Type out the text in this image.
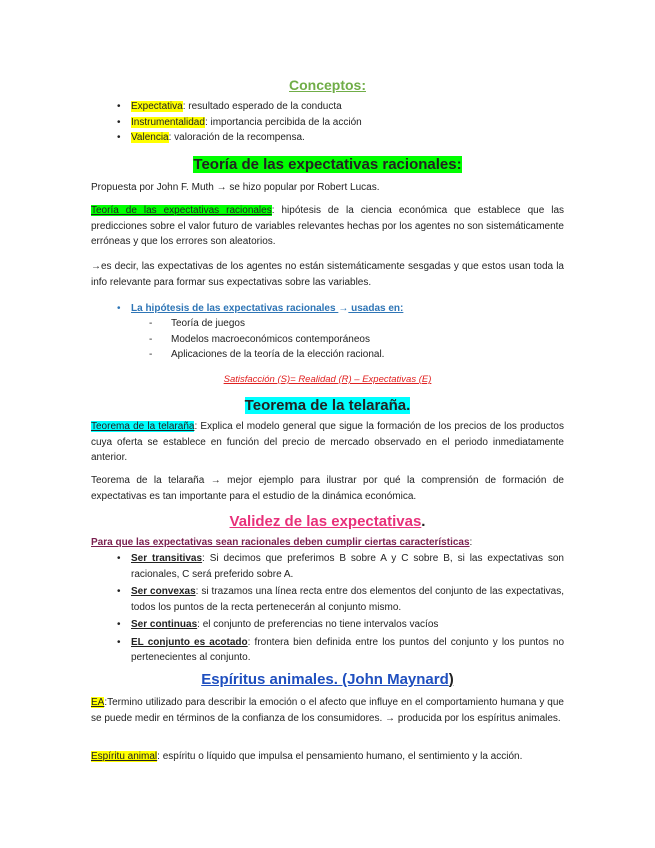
Conceptos:
• Expectativa: resultado esperado de la conducta
• Instrumentalidad: importancia percibida de la acción
• Valencia: valoración de la recompensa.
Teoría de las expectativas racionales:
Propuesta por John F. Muth → se hizo popular por Robert Lucas.
Teoría de las expectativas racionales: hipótesis de la ciencia económica que establece que las predicciones sobre el valor futuro de variables relevantes hechas por los agentes no son sistemáticamente erróneas y que los errores son aleatorios.
→es decir, las expectativas de los agentes no están sistemáticamente sesgadas y que estos usan toda la info relevante para formar sus expectativas sobre las variables.
• La hipótesis de las expectativas racionales → usadas en:
- Teoría de juegos
- Modelos macroeconómicos contemporáneos
- Aplicaciones de la teoría de la elección racional.
Satisfacción (S)= Realidad (R) – Expectativas (E)
Teorema de la telaraña.
Teorema de la telaraña: Explica el modelo general que sigue la formación de los precios de los productos cuya oferta se establece en función del precio de mercado observado en el periodo inmediatamente anterior.
Teorema de la telaraña → mejor ejemplo para ilustrar por qué la comprensión de formación de expectativas es tan importante para el estudio de la dinámica económica.
Validez de las expectativas.
Para que las expectativas sean racionales deben cumplir ciertas características:
• Ser transitivas: Si decimos que preferimos B sobre A y C sobre B, si las expectativas son racionales, C será preferido sobre A.
• Ser convexas: si trazamos una línea recta entre dos elementos del conjunto de las expectativas, todos los puntos de la recta pertenecerán al conjunto mismo.
• Ser continuas: el conjunto de preferencias no tiene intervalos vacíos
• EL conjunto es acotado: frontera bien definida entre los puntos del conjunto y los puntos no pertenecientes al conjunto.
Espíritus animales. (John Maynard)
EA:Termino utilizado para describir la emoción o el afecto que influye en el comportamiento humana y que se puede medir en términos de la confianza de los consumidores. → producida por los espíritus animales.
Espíritu animal: espíritu o líquido que impulsa el pensamiento humano, el sentimiento y la acción.
